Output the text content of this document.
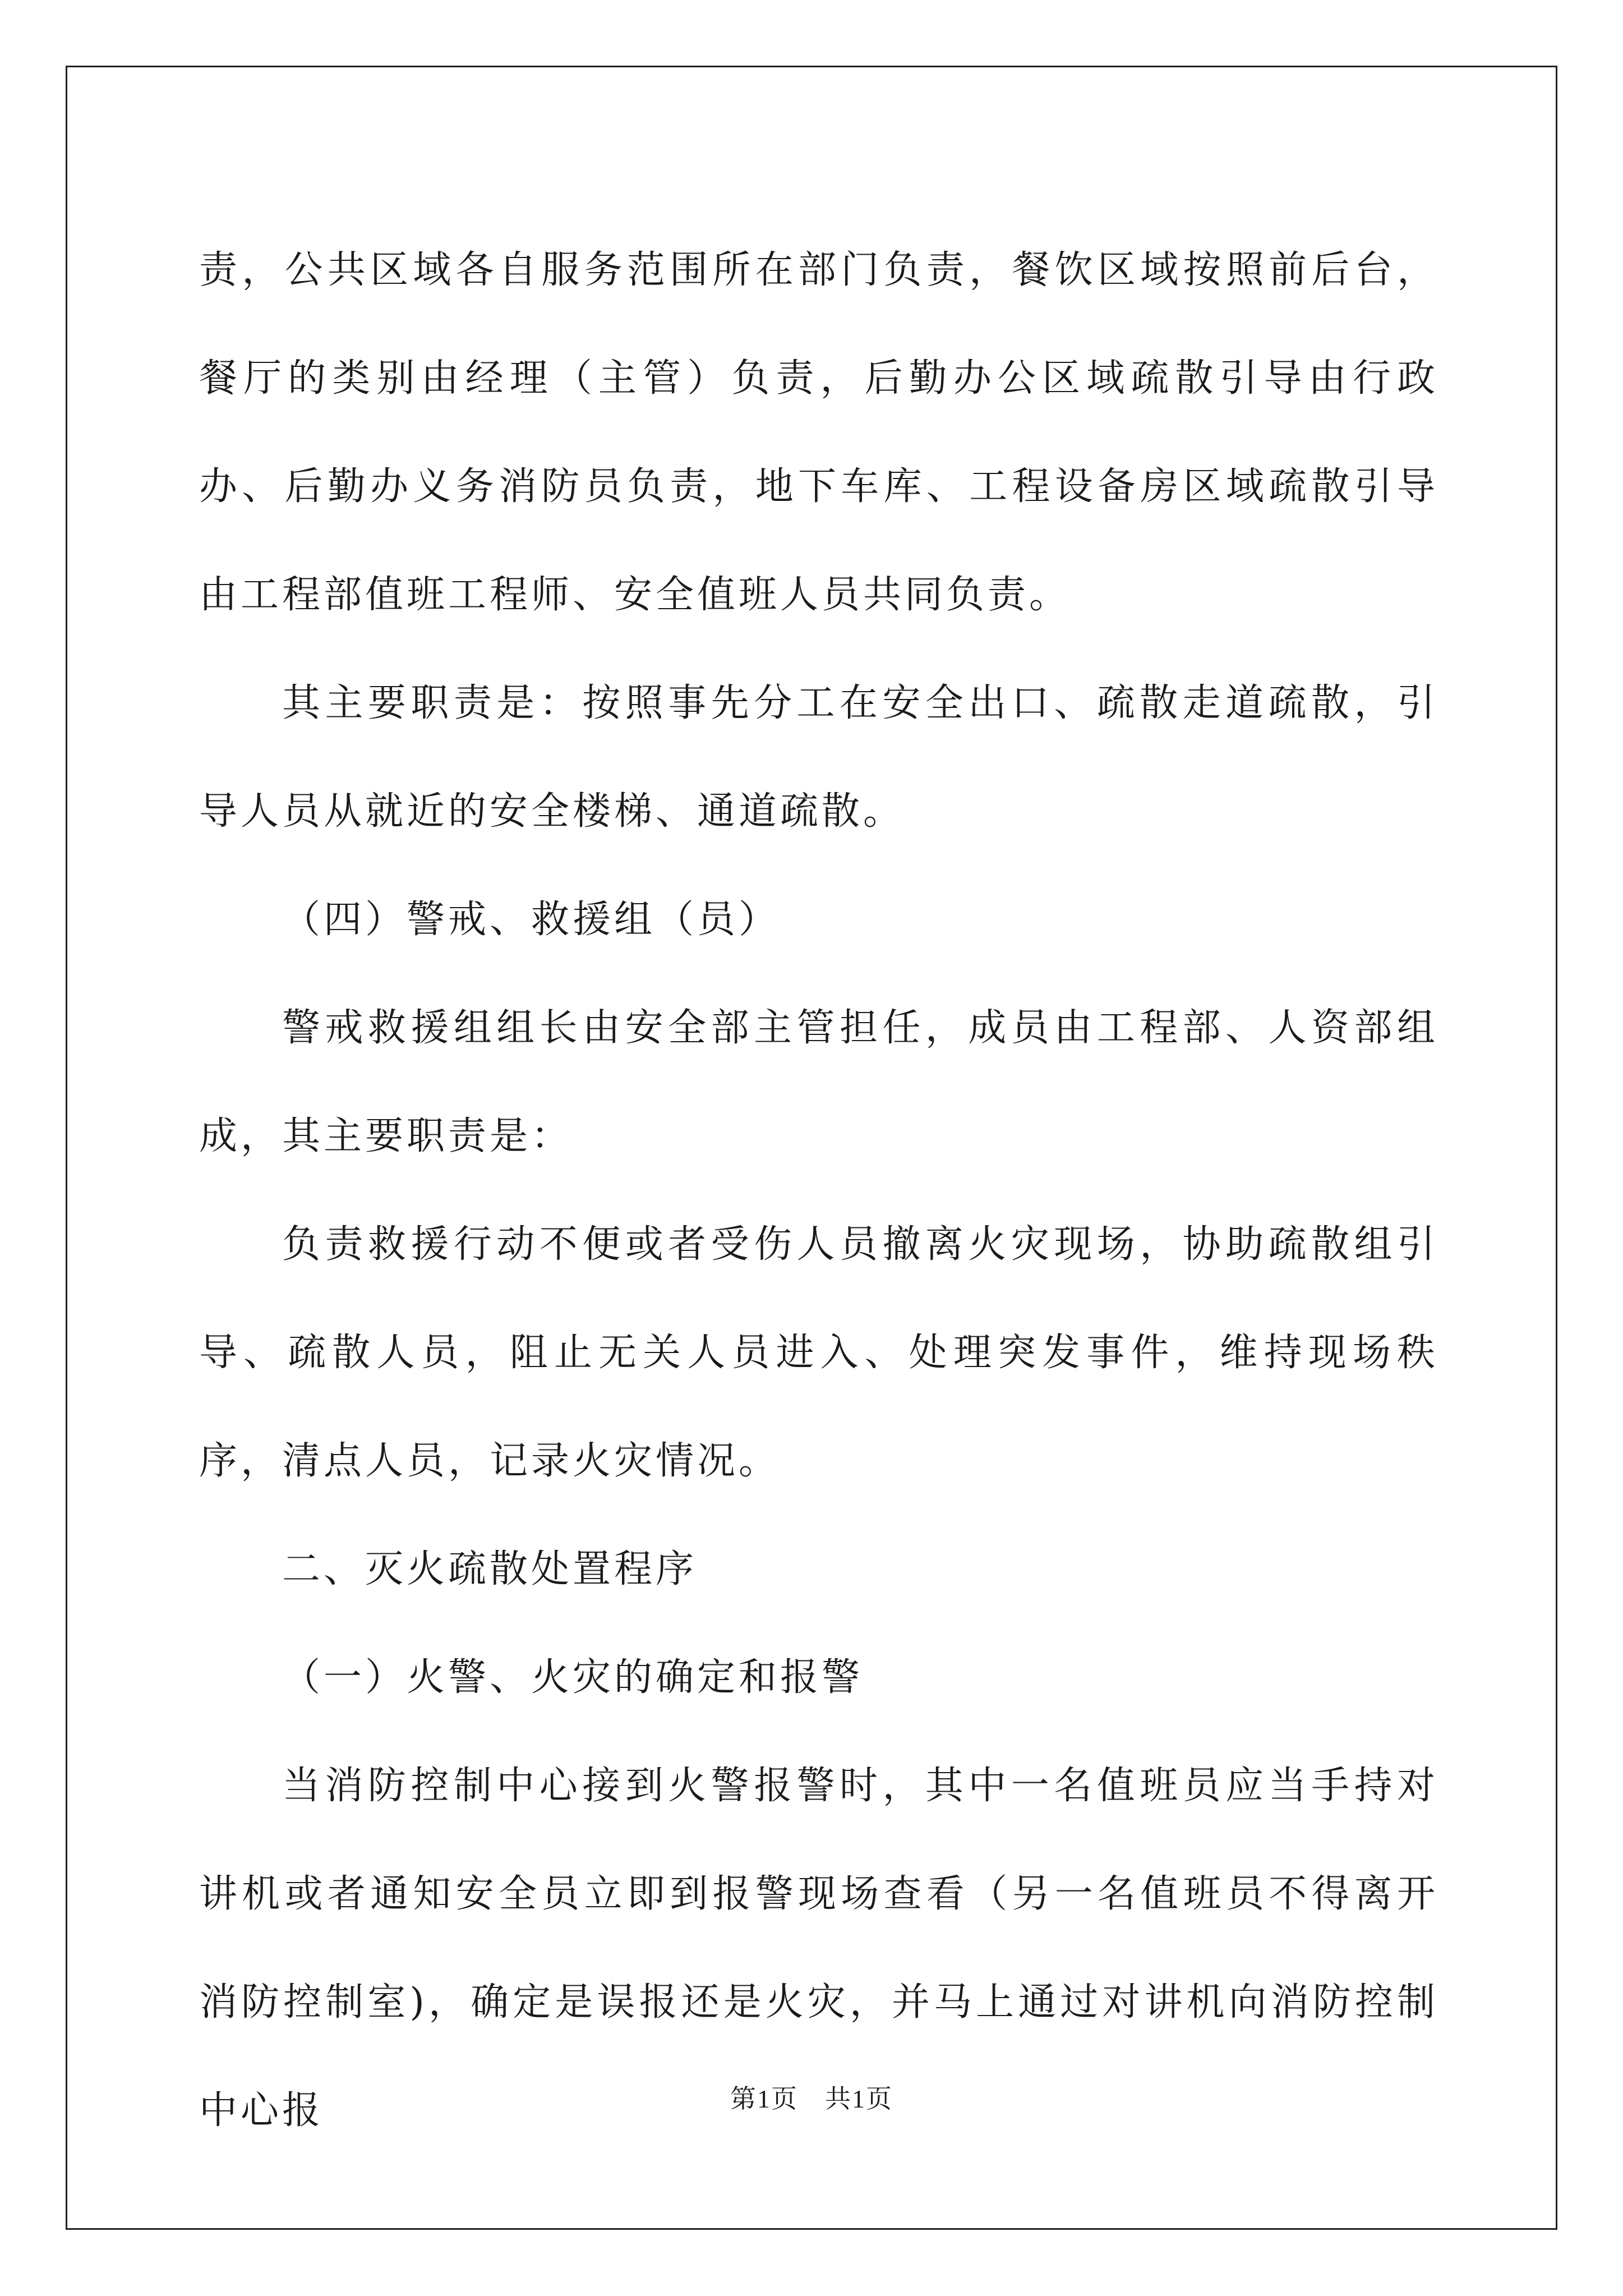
责，公共区域各自服务范围所在部门负责，餐饮区域按照前后台，餐厅的类别由经理（主管）负责，后勤办公区域疏散引导由行政办、后勤办义务消防员负责，地下车库、工程设备房区域疏散引导由工程部值班工程师、安全值班人员共同负责。

其主要职责是：按照事先分工在安全出口、疏散走道疏散，引导人员从就近的安全楼梯、通道疏散。

（四）警戒、救援组（员）

警戒救援组组长由安全部主管担任，成员由工程部、人资部组成，其主要职责是：

负责救援行动不便或者受伤人员撤离火灾现场，协助疏散组引导、疏散人员，阻止无关人员进入、处理突发事件，维持现场秩序，清点人员，记录火灾情况。

二、灭火疏散处置程序

（一）火警、火灾的确定和报警

当消防控制中心接到火警报警时，其中一名值班员应当手持对讲机或者通知安全员立即到报警现场查看（另一名值班员不得离开消防控制室)，确定是误报还是火灾，并马上通过对讲机向消防控制中心报	第1页　共1页
